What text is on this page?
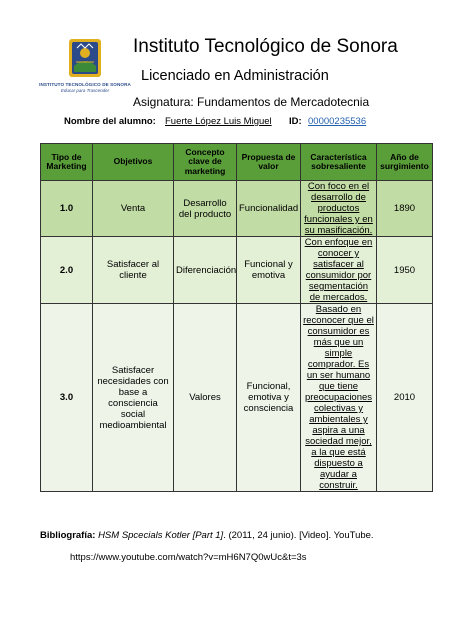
INSTITUTO TECNOLÓGICO DE SONORA
Educar para Trascender
Instituto Tecnológico de Sonora
Licenciado en Administración
Asignatura: Fundamentos de Mercadotecnia
Nombre del alumno: Fuerte López Luis Miguel ID: 00000235536
Tipo de Marketing	Objetivos	Concepto clave de marketing	Propuesta de valor	Característica sobresaliente	Año de surgimiento
1.0	Venta	Desarrollo del producto	Funcionalidad	Con foco en el desarrollo de productos funcionales y en su masificación.	1890
2.0	Satisfacer al cliente	Diferenciación	Funcional y emotiva	Con enfoque en conocer y satisfacer al consumidor por segmentación de mercados.	1950
3.0	Satisfacer necesidades con base a consciencia social medioambiental	Valores	Funcional, emotiva y consciencia	Basado en reconocer que el consumidor es más que un simple comprador. Es un ser humano que tiene preocupaciones colectivas y ambientales y aspira a una sociedad mejor, a la que está dispuesto a ayudar a construir.	2010
Bibliografía: HSM Spcecials Kotler [Part 1]. (2011, 24 junio). [Video]. YouTube.
https://www.youtube.com/watch?v=mH6N7Q0wUc&t=3s
